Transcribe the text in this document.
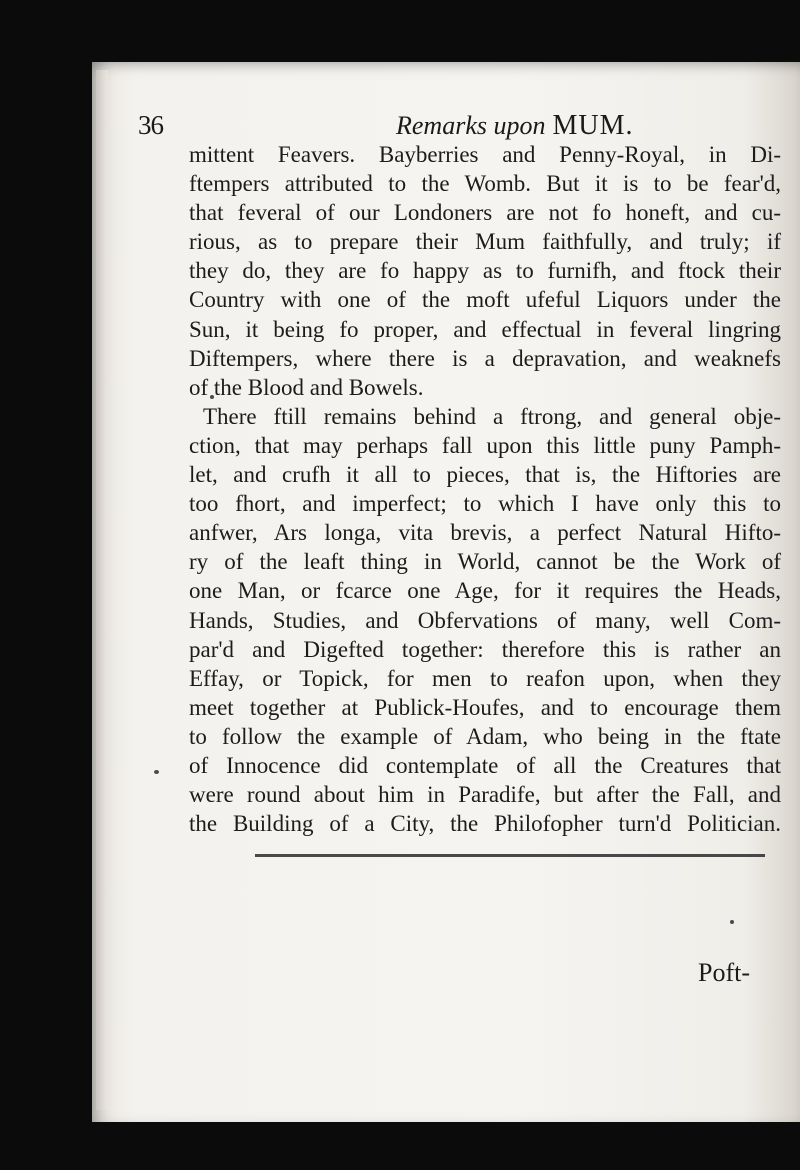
36	Remarks upon MUM.
mittent Feavers. Bayberries and Penny-Royal, in Di-
ftempers attributed to the Womb. But it is to be fear'd,
that feveral of our Londoners are not fo honeft, and cu-
rious, as to prepare their Mum faithfully, and truly; if
they do, they are fo happy as to furnifh, and ftock their
Country with one of the moft ufeful Liquors under the
Sun, it being fo proper, and effectual in feveral lingring
Diftempers, where there is a depravation, and weaknefs
of the Blood and Bowels.
There ftill remains behind a ftrong, and general obje-
ction, that may perhaps fall upon this little puny Pamph-
let, and crufh it all to pieces, that is, the Hiftories are
too fhort, and imperfect; to which I have only this to
anfwer, Ars longa, vita brevis, a perfect Natural Hifto-
ry of the leaft thing in World, cannot be the Work of
one Man, or fcarce one Age, for it requires the Heads,
Hands, Studies, and Obfervations of many, well Com-
par'd and Digefted together: therefore this is rather an
Effay, or Topick, for men to reafon upon, when they
meet together at Publick-Houfes, and to encourage them
to follow the example of Adam, who being in the ftate
of Innocence did contemplate of all the Creatures that
were round about him in Paradife, but after the Fall, and
the Building of a City, the Philofopher turn'd Politician.
Poft-
